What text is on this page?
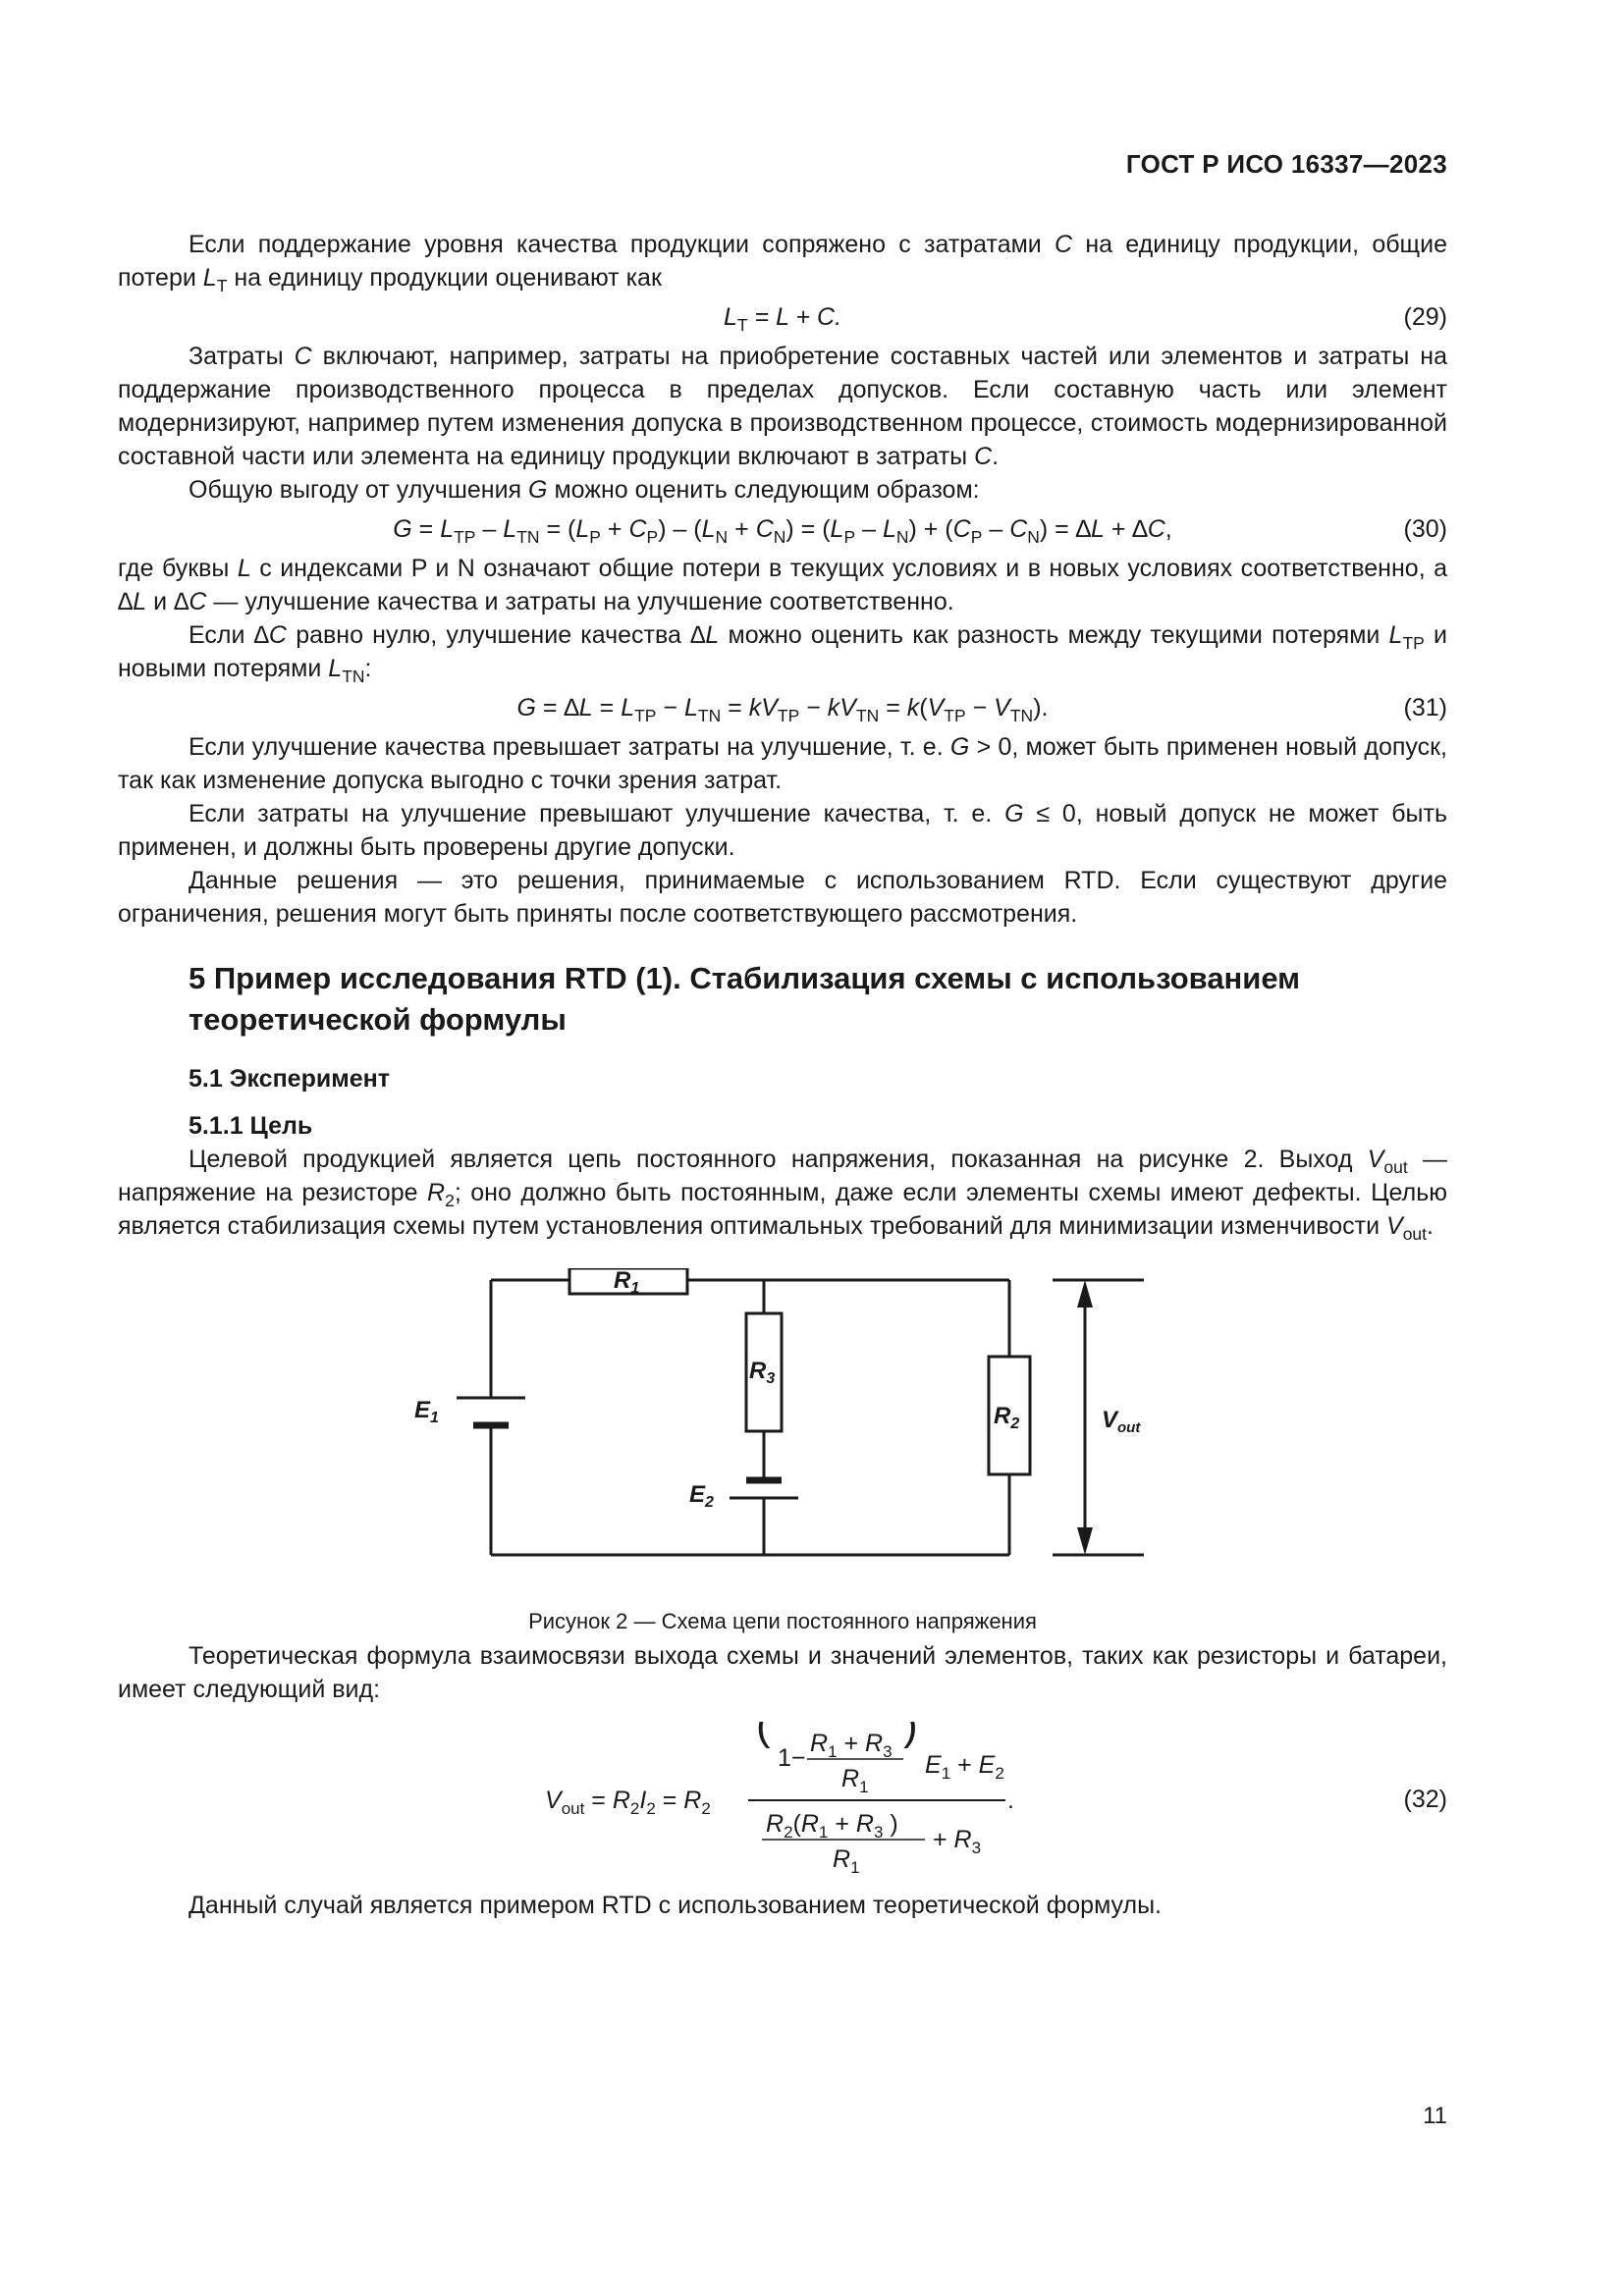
ГОСТ Р ИСО 16337—2023

Если поддержание уровня качества продукции сопряжено с затратами C на единицу продукции, общие потери $L_T$ на единицу продукции оценивают как

$L_T = L + C$.	(29)

Затраты C включают, например, затраты на приобретение составных частей или элементов и затраты на поддержание производственного процесса в пределах допусков. Если составную часть или элемент модернизируют, например путем изменения допуска в производственном процессе, стоимость модернизированной составной части или элемента на единицу продукции включают в затраты C.

Общую выгоду от улучшения G можно оценить следующим образом:

$G = L_{TP} - L_{TN} = (L_P + C_P) - (L_N + C_N) = (L_P - L_N) + (C_P - C_N) = \Delta L + \Delta C$,	(30)

где буквы L с индексами P и N означают общие потери в текущих условиях и в новых условиях соответственно, а ∆L и ∆C — улучшение качества и затраты на улучшение соответственно.

Если ∆C равно нулю, улучшение качества ∆L можно оценить как разность между текущими потерями $L_{TP}$ и новыми потерями $L_{TN}$:

$G = \Delta L = L_{TP} - L_{TN} = kV_{TP} - kV_{TN} = k(V_{TP} - V_{TN})$.	(31)

Если улучшение качества превышает затраты на улучшение, т. е. G > 0, может быть применен новый допуск, так как изменение допуска выгодно с точки зрения затрат.

Если затраты на улучшение превышают улучшение качества, т. е. G ≤ 0, новый допуск не может быть применен, и должны быть проверены другие допуски.

Данные решения — это решения, принимаемые с использованием RTD. Если существуют другие ограничения, решения могут быть приняты после соответствующего рассмотрения.

5 Пример исследования RTD (1). Стабилизация схемы с использованием теоретической формулы
5.1 Эксперимент
5.1.1 Цель

Целевой продукцией является цепь постоянного напряжения, показанная на рисунке 2. Выход $V_{out}$ — напряжение на резисторе $R_2$; оно должно быть постоянным, даже если элементы схемы имеют дефекты. Целью является стабилизация схемы путем установления оптимальных требований для минимизации изменчивости $V_{out}$.

$R_1$
$R_3$
$R_2$
$E_1$
$E_2$
$V_{out}$
Рисунок 2 — Схема цепи постоянного напряжения

Теоретическая формула взаимосвязи выхода схемы и значений элементов, таких как резисторы и батареи, имеет следующий вид:

$V_{out} = R_2I_2 = R_2$
(
1−
$R_1 + R_3$
$R_1$
)
$E_1 + E_2$
$R_2(R_1 + R_3$ )
$R_1$
+ $R_3$
.	(32)

Данный случай является примером RTD с использованием теоретической формулы.

11
